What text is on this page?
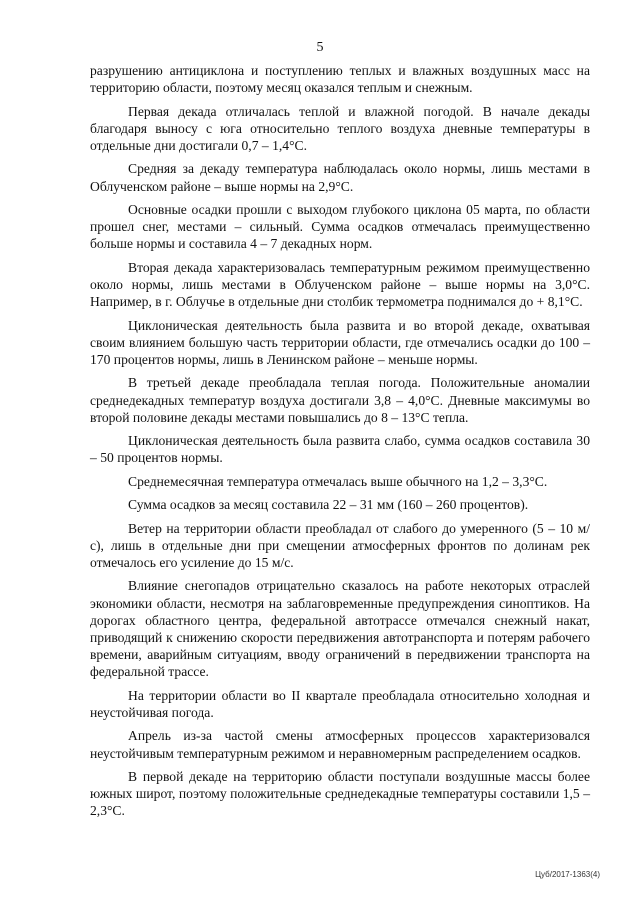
5

разрушению антициклона и поступлению теплых и влажных воздушных масс на территорию области, поэтому месяц оказался теплым и снежным.

Первая декада отличалась теплой и влажной погодой. В начале декады благодаря выносу с юга относительно теплого воздуха дневные температуры в отдельные дни достигали 0,7 – 1,4°С.

Средняя за декаду температура наблюдалась около нормы, лишь местами в Облученском районе – выше нормы на 2,9°С.

Основные осадки прошли с выходом глубокого циклона 05 марта, по области прошел снег, местами – сильный. Сумма осадков отмечалась преимущественно больше нормы и составила 4 – 7 декадных норм.

Вторая декада характеризовалась температурным режимом преимущественно около нормы, лишь местами в Облученском районе – выше нормы на 3,0°С. Например, в г. Облучье в отдельные дни столбик термометра поднимался до + 8,1°С.

Циклоническая деятельность была развита и во второй декаде, охватывая своим влиянием большую часть территории области, где отмечались осадки до 100 – 170 процентов нормы, лишь в Ленинском районе – меньше нормы.

В третьей декаде преобладала теплая погода. Положительные аномалии среднедекадных температур воздуха достигали 3,8 – 4,0°С. Дневные максимумы во второй половине декады местами повышались до 8 – 13°С тепла.

Циклоническая деятельность была развита слабо, сумма осадков составила 30 – 50 процентов нормы.

Среднемесячная температура отмечалась выше обычного на 1,2 – 3,3°С.

Сумма осадков за месяц составила 22 – 31 мм (160 – 260 процентов).

Ветер на территории области преобладал от слабого до умеренного (5 – 10 м/с), лишь в отдельные дни при смещении атмосферных фронтов по долинам рек отмечалось его усиление до 15 м/с.

Влияние снегопадов отрицательно сказалось на работе некоторых отраслей экономики области, несмотря на заблаговременные предупреждения синоптиков. На дорогах областного центра, федеральной автотрассе отмечался снежный накат, приводящий к снижению скорости передвижения автотранспорта и потерям рабочего времени, аварийным ситуациям, вводу ограничений в передвижении транспорта на федеральной трассе.

На территории области во II квартале преобладала относительно холодная и неустойчивая погода.

Апрель из-за частой смены атмосферных процессов характеризовался неустойчивым температурным режимом и неравномерным распределением осадков.

В первой декаде на территорию области поступали воздушные массы более южных широт, поэтому положительные среднедекадные температуры составили 1,5 – 2,3°С.

Цуб/2017-1363(4)
